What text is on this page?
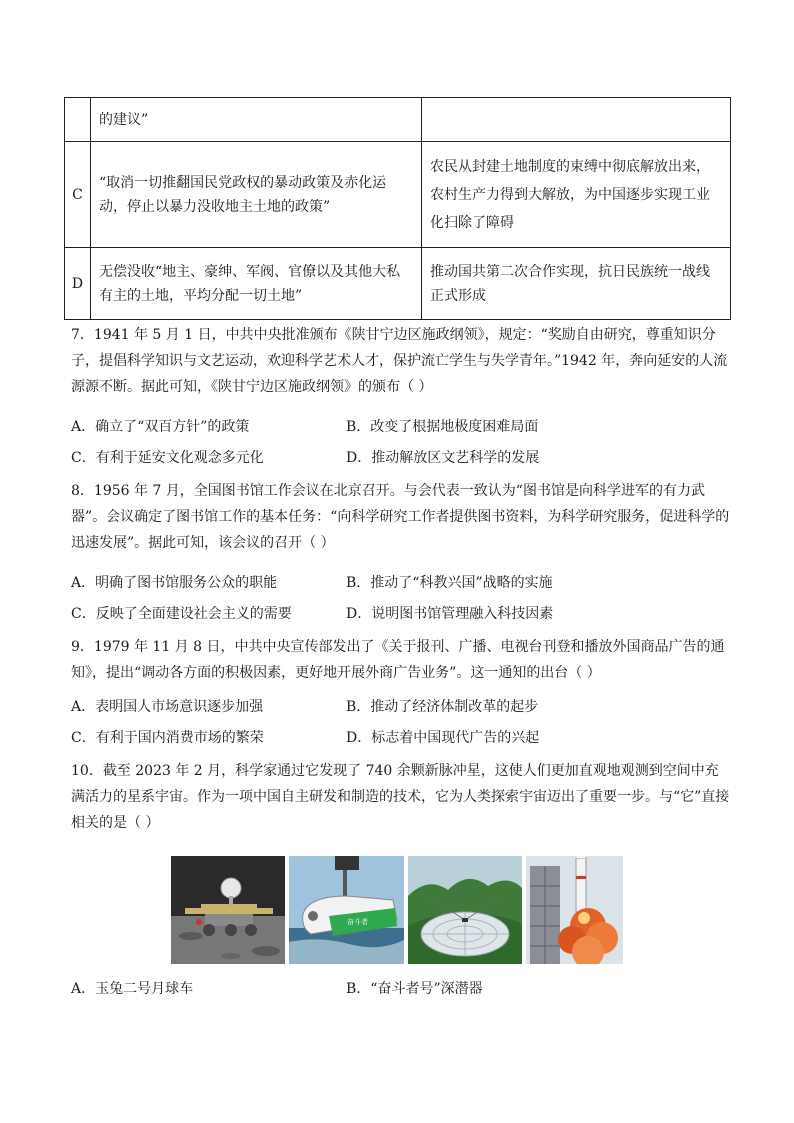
	的建议”	
C	“取消一切推翻国民党政权的暴动政策及赤化运动，停止以暴力没收地主土地的政策”	农民从封建土地制度的束缚中彻底解放出来，农村生产力得到大解放，为中国逐步实现工业化扫除了障碍
D	无偿没收“地主、豪绅、军阀、官僚以及其他大私有主的土地，平均分配一切土地”	推动国共第二次合作实现，抗日民族统一战线正式形成
7．1941 年 5 月 1 日，中共中央批准颁布《陕甘宁边区施政纲领》，规定：“奖励自由研究，尊重知识分子，提倡科学知识与文艺运动，欢迎科学艺术人才，保护流亡学生与失学青年。”1942 年，奔向延安的人流源源不断。据此可知，《陕甘宁边区施政纲领》的颁布（ ）
A．确立了“双百方针”的政策	B．改变了根据地极度困难局面
C．有利于延安文化观念多元化	D．推动解放区文艺科学的发展
8．1956 年 7 月，全国图书馆工作会议在北京召开。与会代表一致认为“图书馆是向科学进军的有力武器”。会议确定了图书馆工作的基本任务：“向科学研究工作者提供图书资料，为科学研究服务，促进科学的迅速发展”。据此可知，该会议的召开（ ）
A．明确了图书馆服务公众的职能	B．推动了“科教兴国”战略的实施
C．反映了全面建设社会主义的需要	D．说明图书馆管理融入科技因素
9．1979 年 11 月 8 日，中共中央宣传部发出了《关于报刊、广播、电视台刊登和播放外国商品广告的通知》，提出“调动各方面的积极因素，更好地开展外商广告业务”。这一通知的出台（ ）
A．表明国人市场意识逐步加强	B．推动了经济体制改革的起步
C．有利于国内消费市场的繁荣	D．标志着中国现代广告的兴起
10．截至 2023 年 2 月，科学家通过它发现了 740 余颗新脉冲星，这使人们更加直观地观测到空间中充满活力的星系宇宙。作为一项中国自主研发和制造的技术，它为人类探索宇宙迈出了重要一步。与“它”直接相关的是（ ）
奋斗者
A．玉兔二号月球车	B．“奋斗者号”深潜器
